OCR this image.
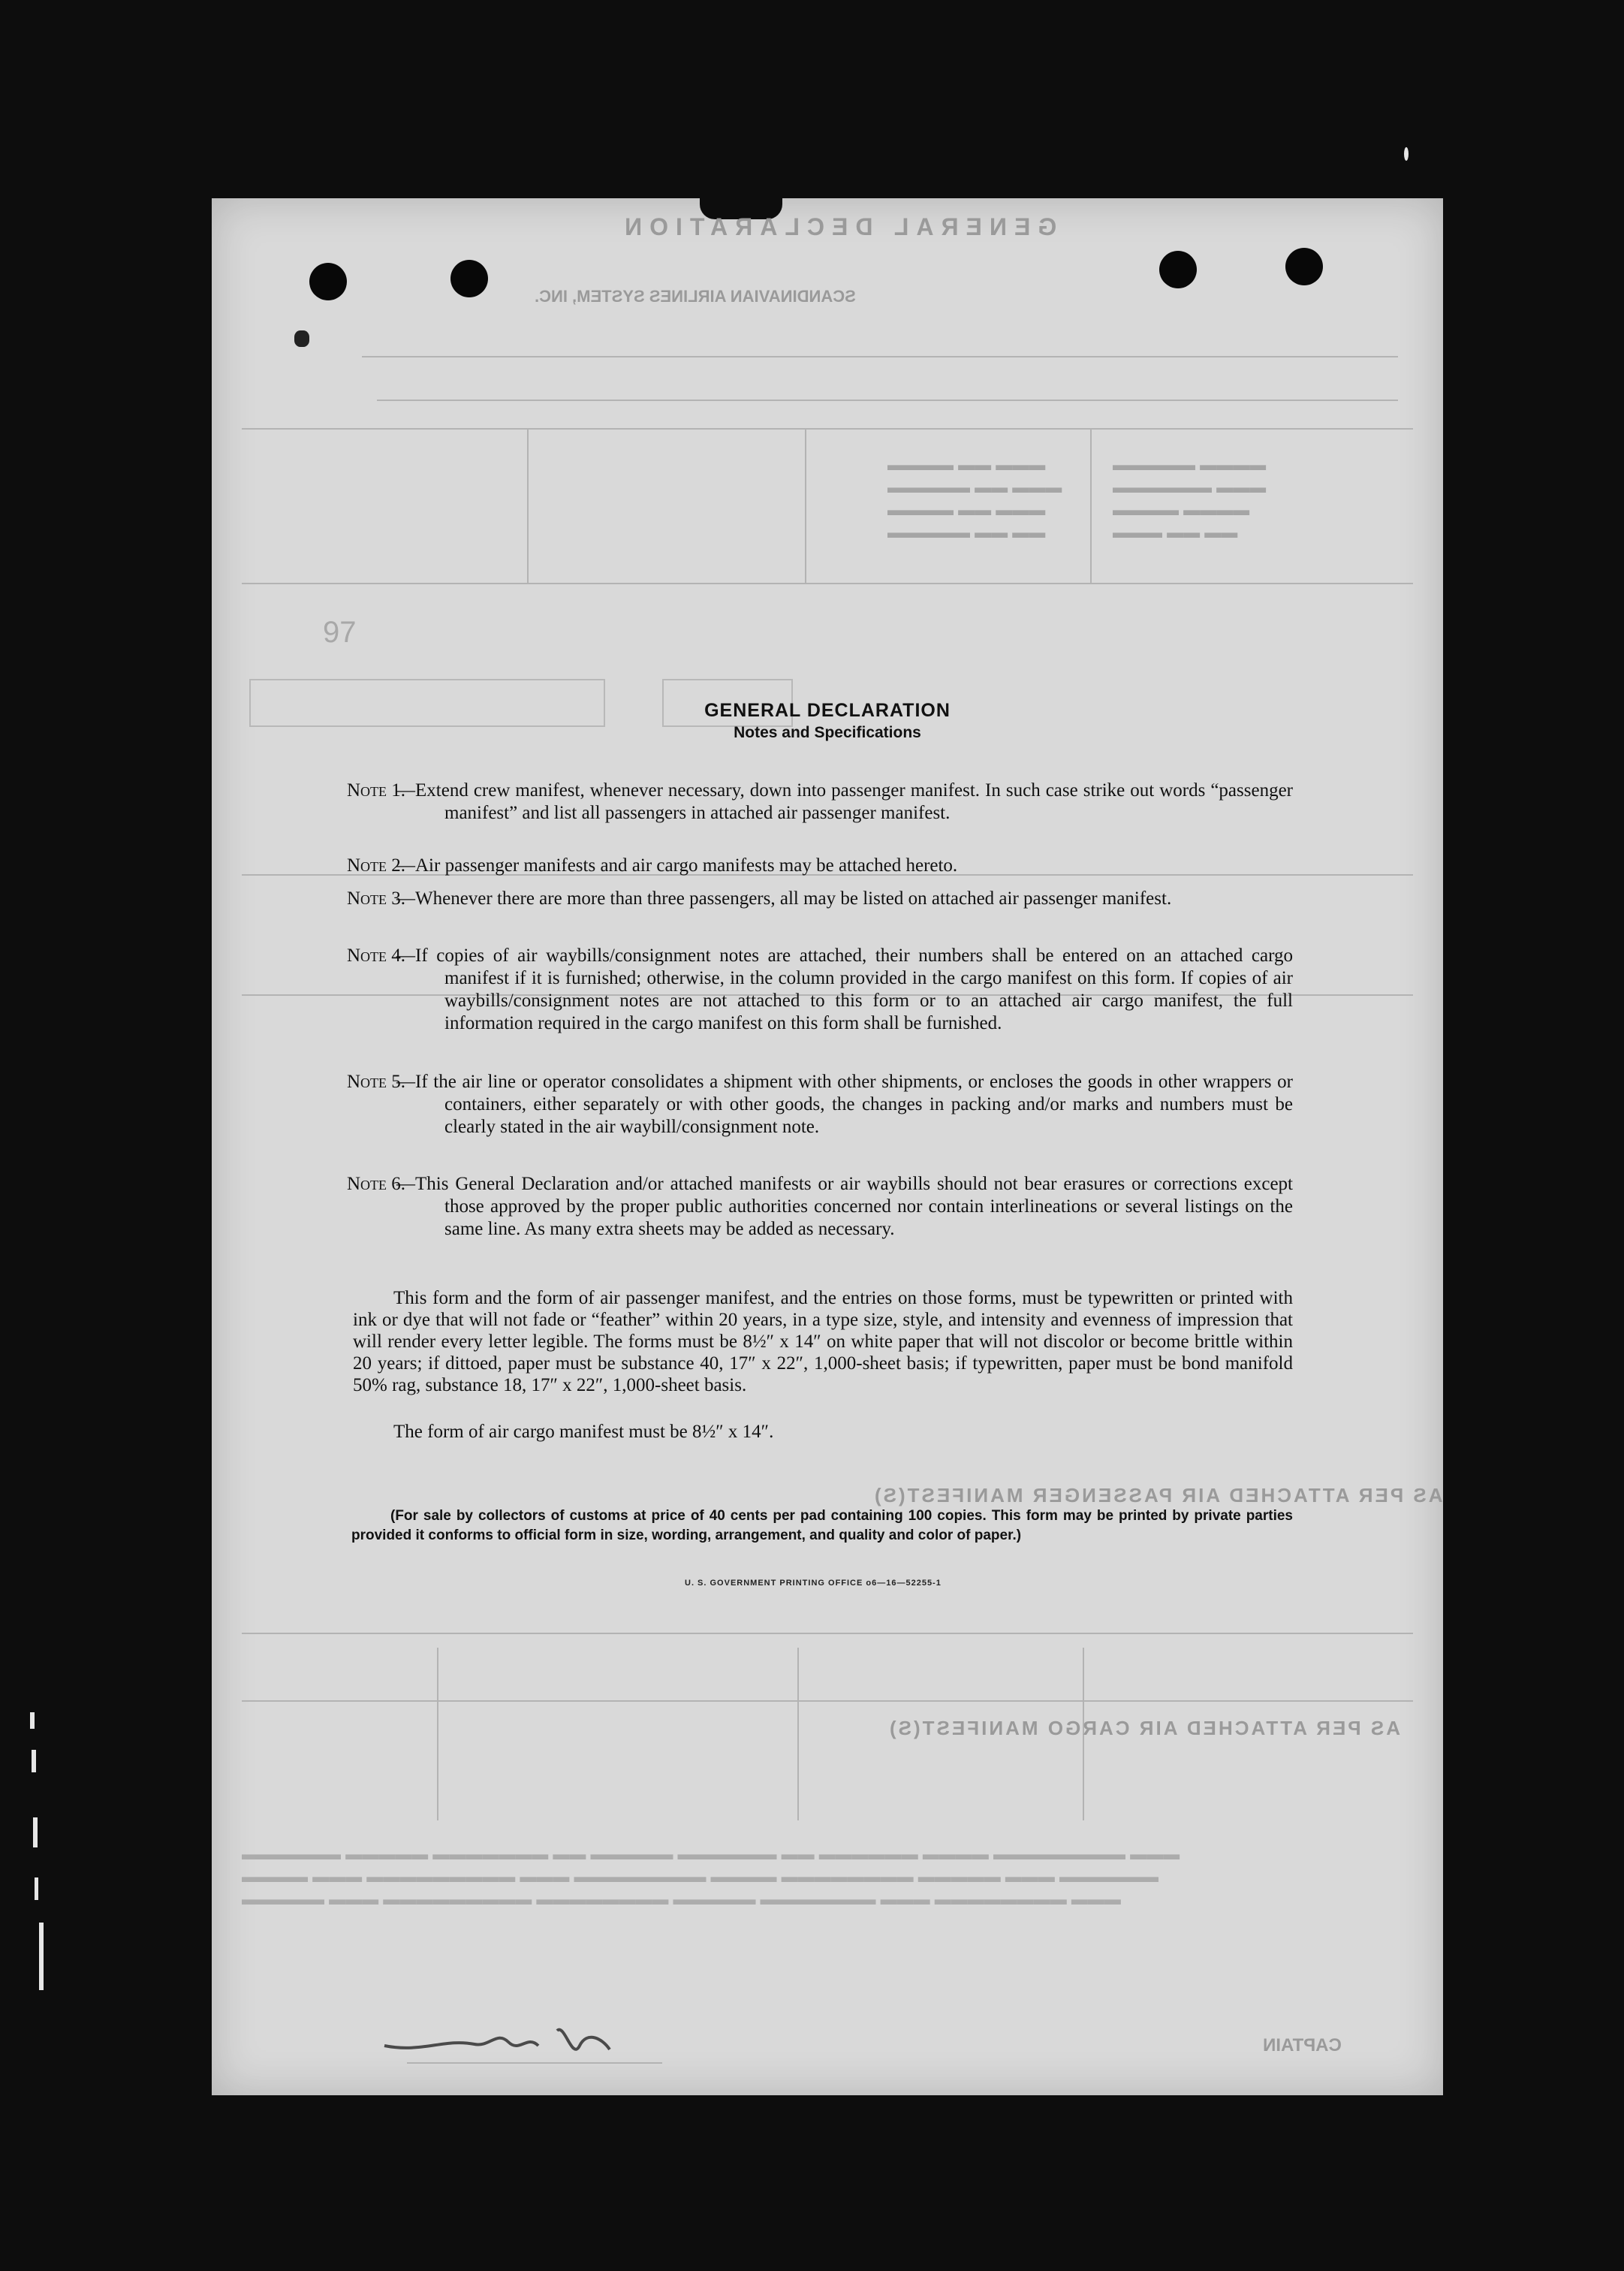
GENERAL DECLARATION
SCANDINAVIAN AIRLINES SYSTEM, INC.
▬▬▬▬ ▬▬ ▬▬▬
▬▬▬▬▬ ▬▬ ▬▬▬
▬▬▬▬ ▬▬ ▬▬▬
▬▬▬▬▬ ▬▬ ▬▬
▬▬▬▬▬ ▬▬▬▬
▬▬▬▬▬▬ ▬▬▬
▬▬▬▬ ▬▬▬▬
▬▬▬ ▬▬ ▬▬
97
AS PER ATTACHED AIR PASSENGER MANIFEST(S)
AS PER ATTACHED AIR CARGO MANIFEST(S)
▬▬▬▬▬▬ ▬▬▬▬▬ ▬▬▬▬▬▬▬ ▬▬ ▬▬▬▬▬ ▬▬▬▬▬▬ ▬▬ ▬▬▬▬▬▬ ▬▬▬▬ ▬▬▬▬▬▬▬▬ ▬▬▬
▬▬▬▬ ▬▬▬ ▬▬▬▬▬▬▬▬▬ ▬▬▬ ▬▬▬▬▬▬▬▬ ▬▬▬▬ ▬▬▬▬▬▬▬▬ ▬▬▬▬▬ ▬▬▬ ▬▬▬▬▬▬
▬▬▬▬▬ ▬▬▬ ▬▬▬▬▬▬▬▬▬ ▬▬▬▬▬▬▬▬ ▬▬▬▬▬ ▬▬▬▬▬▬▬ ▬▬▬ ▬▬▬▬▬▬▬▬ ▬▬▬
CAPTAIN
GENERAL DECLARATION
Notes and Specifications
Note 1.
—Extend crew manifest, whenever necessary, down into passenger manifest. In such case strike out words “passenger manifest” and list all passengers in attached air passenger manifest.
Note 2.
—Air passenger manifests and air cargo manifests may be attached hereto.
Note 3.
—Whenever there are more than three passengers, all may be listed on attached air passenger manifest.
Note 4.
—If copies of air waybills/consignment notes are attached, their numbers shall be entered on an attached cargo manifest if it is furnished; otherwise, in the column provided in the cargo manifest on this form. If copies of air waybills/consignment notes are not attached to this form or to an attached air cargo manifest, the full information required in the cargo manifest on this form shall be furnished.
Note 5.
—If the air line or operator consolidates a shipment with other shipments, or encloses the goods in other wrappers or containers, either separately or with other goods, the changes in packing and/or marks and numbers must be clearly stated in the air waybill/consignment note.
Note 6.
—This General Declaration and/or attached manifests or air waybills should not bear erasures or corrections except those approved by the proper public authorities concerned nor contain interlineations or several listings on the same line. As many extra sheets may be added as necessary.
This form and the form of air passenger manifest, and the entries on those forms, must be typewritten or printed with ink or dye that will not fade or “feather” within 20 years, in a type size, style, and intensity and evenness of impression that will render every letter legible. The forms must be 8½″ x 14″ on white paper that will not discolor or become brittle within 20 years; if dittoed, paper must be substance 40, 17″ x 22″, 1,000-sheet basis; if typewritten, paper must be bond manifold 50% rag, substance 18, 17″ x 22″, 1,000-sheet basis.
The form of air cargo manifest must be 8½″ x 14″.
(For sale by collectors of customs at price of 40 cents per pad containing 100 copies. This form may be printed by private parties provided it conforms to official form in size, wording, arrangement, and quality and color of paper.)
U. S. GOVERNMENT PRINTING OFFICE o6—16—52255-1
